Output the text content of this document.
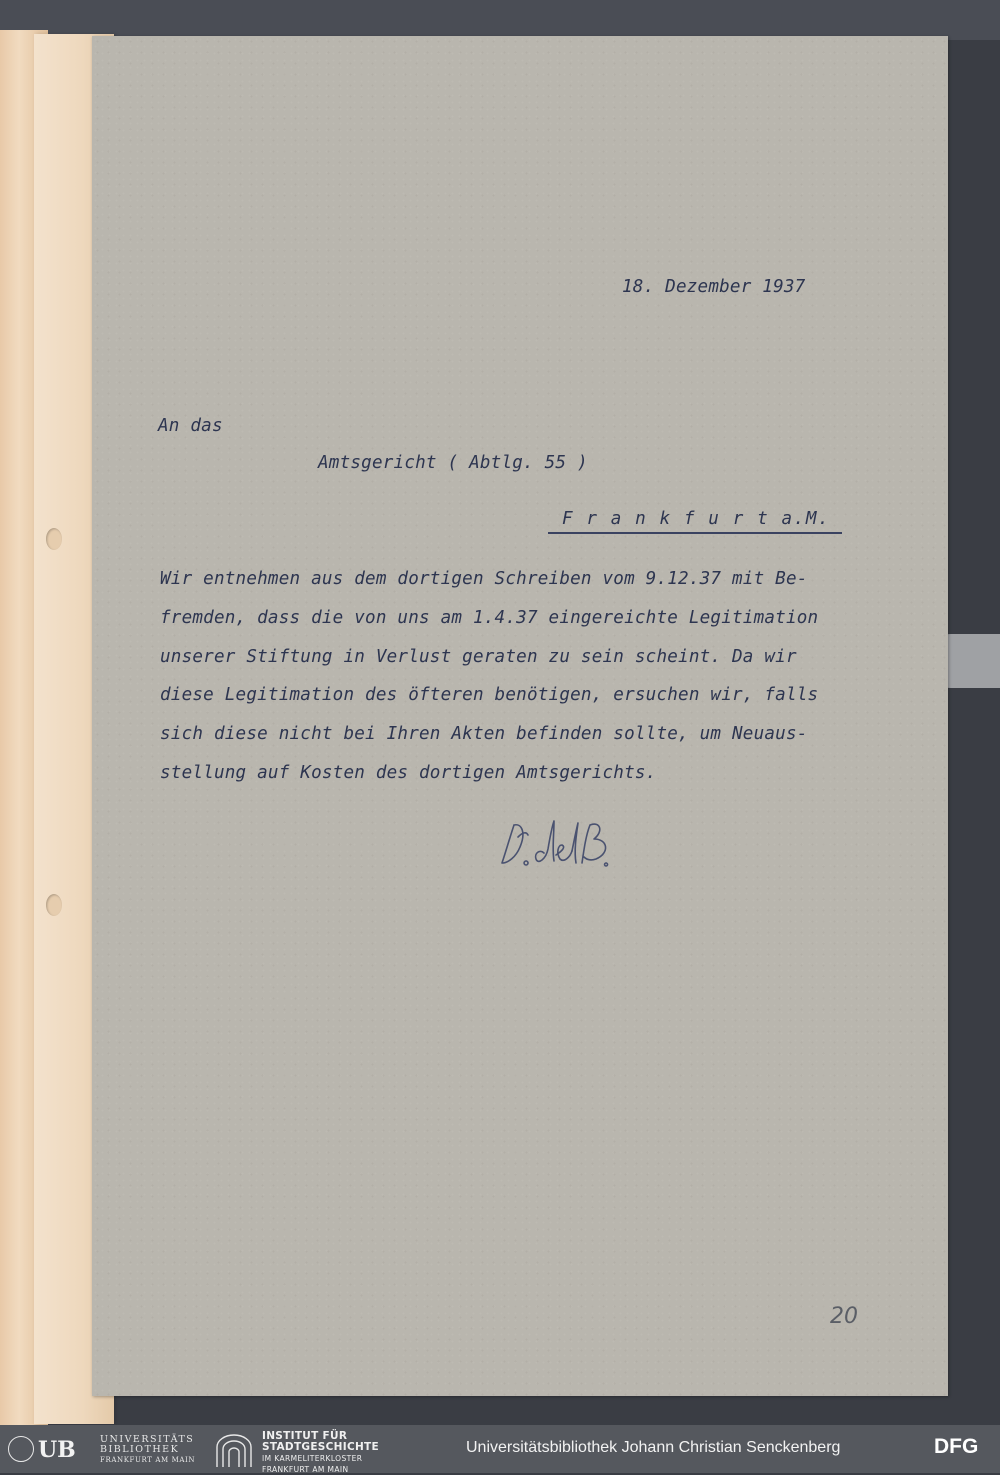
18. Dezember 1937
An das
Amtsgericht ( Abtlg. 55 )
F r a n k f u r t a.M.
Wir entnehmen aus dem dortigen Schreiben vom 9.12.37 mit Be-
fremden, dass die von uns am 1.4.37 eingereichte Legitimation
unserer Stiftung in Verlust geraten zu sein scheint. Da wir
diese Legitimation des öfteren benötigen, ersuchen wir, falls
sich diese nicht bei Ihren Akten befinden sollte, um Neuaus-
stellung auf Kosten des dortigen Amtsgerichts.
20
UB	UNIVERSITÄTS
BIBLIOTHEK
FRANKFURT AM MAIN
INSTITUT FÜR
STADTGESCHICHTE
IM KARMELITERKLOSTER
FRANKFURT AM MAIN
Universitätsbibliothek Johann Christian Senckenberg	DFG
